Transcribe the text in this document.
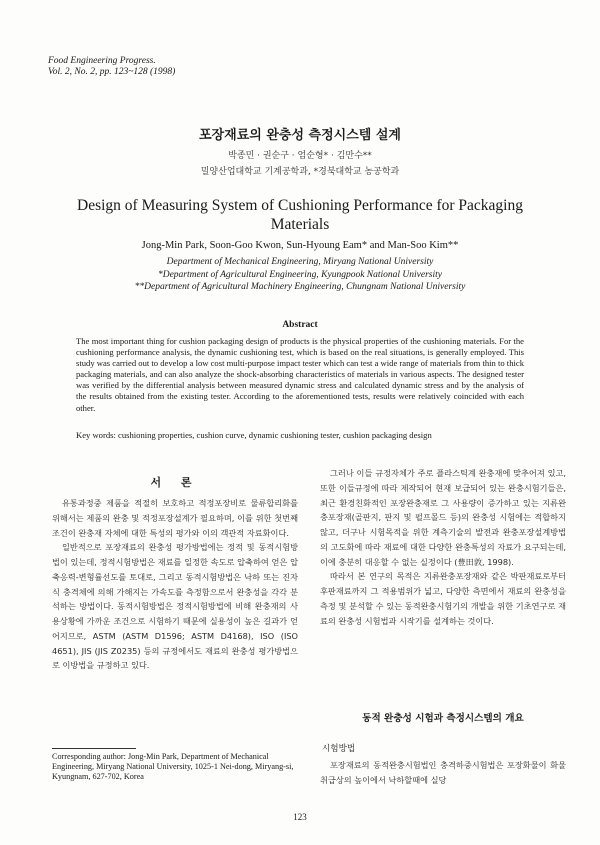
Food Engineering Progress.
Vol. 2, No. 2, pp. 123~128 (1998)
포장재료의 완충성 측정시스템 설계
박종민 · 권순구 · 엄순형* · 김만수**
밀양산업대학교 기계공학과, *경북대학교 농공학과
Design of Measuring System of Cushioning Performance for Packaging Materials
Jong-Min Park, Soon-Goo Kwon, Sun-Hyoung Eam* and Man-Soo Kim**
Department of Mechanical Engineering, Miryang National University
*Department of Agricultural Engineering, Kyungpook National University
**Department of Agricultural Machinery Engineering, Chungnam National University
Abstract
The most important thing for cushion packaging design of products is the physical properties of the cushioning materials. For the cushioning performance analysis, the dynamic cushioning test, which is based on the real situations, is generally employed. This study was carried out to develop a low cost multi-purpose impact tester which can test a wide range of materials from thin to thick packaging materials, and can also analyze the shock-absorbing characteristics of materials in various aspects. The designed tester was verified by the differential analysis between measured dynamic stress and calculated dynamic stress and by the analysis of the results obtained from the existing tester. According to the aforementioned tests, results were relatively coincided with each other.
Key words: cushioning properties, cushion curve, dynamic cushioning tester, cushion packaging design
서 론

유통과정중 제품을 적절히 보호하고 적정포장비로 물류합리화를 위해서는 제품의 완충 및 적정포장설계가 필요하며, 이를 위한 첫번째 조건이 완충재 자체에 대한 특성의 평가와 이의 객관적 자료화이다.

일반적으로 포장재료의 완충성 평가방법에는 정적 및 동적시험방법이 있는데, 정적시험방법은 재료를 일정한 속도로 압축하여 얻은 압축응력-변형률선도를 토대로, 그리고 동적시험방법은 낙하 또는 진자식 충격체에 의해 가해지는 가속도를 측정함으로서 완충성을 각각 분석하는 방법이다. 동적시험방법은 정적시험방법에 비해 완충재의 사용상황에 가까운 조건으로 시험하기 때문에 실용성이 높은 길과가 얻어지므로, ASTM (ASTM D1596; ASTM D4168), ISO (ISO 4651), JIS (JIS Z0235) 등의 규정에서도 재료의 완충성 평가방법으로 이방법을 규정하고 있다.

그러나 이들 규정자체가 주로 플라스틱계 완충재에 맞추어져 있고, 또한 이들규정에 따라 제작되어 현재 보급되어 있는 완충시험기들은, 최근 환경친화적인 포장완충재로 그 사용량이 증가하고 있는 지류완충포장재(골판지, 판지 및 펄프몰드 등)의 완충성 시험에는 적합하지 않고, 더구나 시험목적을 위한 계측기술의 발전과 완충포장설계방법의 고도화에 따라 재료에 대한 다양한 완충특성의 자료가 요구되는데, 이에 충분히 대응할 수 없는 실정이다 (豊田敦, 1998).

따라서 본 연구의 목적은 지류완충포장재와 같은 박판재료로부터 후판재료까지 그 적용범위가 넓고, 다양한 측면에서 재료의 완충성을 측정 및 분석할 수 있는 동적완충시험기의 개발을 위한 기초연구로 재료의 완충성 시험법과 시작기를 설계하는 것이다.

동적 완충성 시험과 측정시스템의 개요
시험방법

포장재료의 동적완충시험법인 충격하중시험법은 포장화물이 화물취급상의 높이에서 낙하할때에 실당

Corresponding author: Jong-Min Park, Department of Mechanical Engineering, Miryang National University, 1025-1 Nei-dong, Miryang-si, Kyungnam, 627-702, Korea
123
